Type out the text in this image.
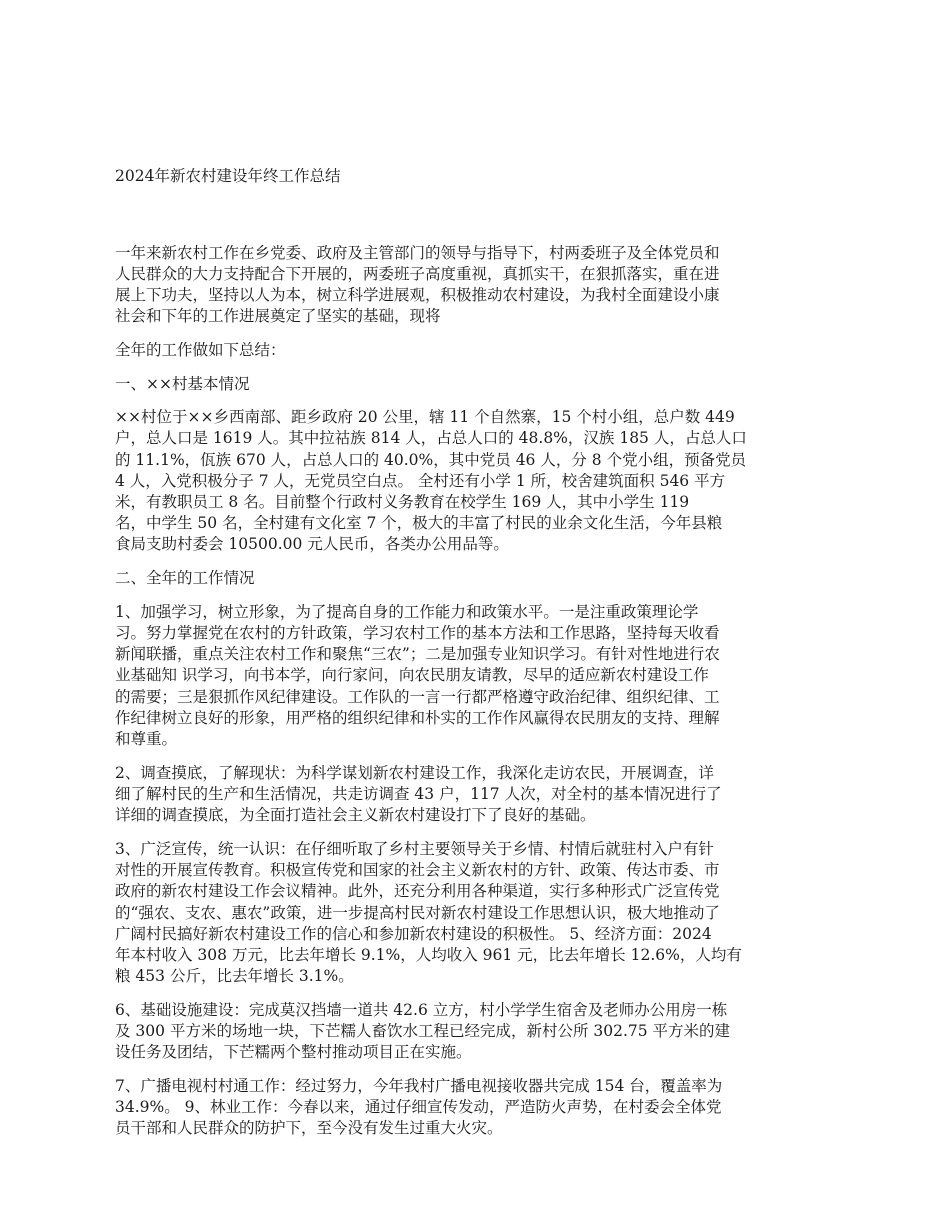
2024年新农村建设年终工作总结

一年来新农村工作在乡党委、政府及主管部门的领导与指导下，村两委班子及全体党员和
人民群众的大力支持配合下开展的，两委班子高度重视，真抓实干，在狠抓落实，重在进
展上下功夫，坚持以人为本，树立科学进展观，积极推动农村建设，为我村全面建设小康
社会和下年的工作进展奠定了坚实的基础，现将

全年的工作做如下总结：

一、××村基本情况

××村位于××乡西南部、距乡政府 20 公里，辖 11 个自然寨，15 个村小组，总户数 449
户，总人口是 1619 人。其中拉祜族 814 人，占总人口的 48.8%，汉族 185 人，占总人口
的 11.1%，佤族 670 人，占总人口的 40.0%，其中党员 46 人，分 8 个党小组，预备党员
4 人，入党积极分子 7 人，无党员空白点。 全村还有小学 1 所，校舍建筑面积 546 平方
米，有教职员工 8 名。目前整个行政村义务教育在校学生 169 人，其中小学生 119
名，中学生 50 名，全村建有文化室 7 个，极大的丰富了村民的业余文化生活，今年县粮
食局支助村委会 10500.00 元人民币，各类办公用品等。

二、全年的工作情况

1、加强学习，树立形象，为了提高自身的工作能力和政策水平。一是注重政策理论学
习。努力掌握党在农村的方针政策，学习农村工作的基本方法和工作思路，坚持每天收看
新闻联播，重点关注农村工作和聚焦“三农”；二是加强专业知识学习。有针对性地进行农
业基础知 识学习，向书本学，向行家问，向农民朋友请教，尽早的适应新农村建设工作
的需要；三是狠抓作风纪律建设。工作队的一言一行都严格遵守政治纪律、组织纪律、工
作纪律树立良好的形象，用严格的组织纪律和朴实的工作作风赢得农民朋友的支持、理解
和尊重。

2、调查摸底，了解现状：为科学谋划新农村建设工作，我深化走访农民，开展调查，详
细了解村民的生产和生活情况，共走访调查 43 户，117 人次，对全村的基本情况进行了
详细的调查摸底，为全面打造社会主义新农村建设打下了良好的基础。

3、广泛宣传，统一认识：在仔细听取了乡村主要领导关于乡情、村情后就驻村入户有针
对性的开展宣传教育。积极宣传党和国家的社会主义新农村的方针、政策、传达市委、市
政府的新农村建设工作会议精神。此外，还充分利用各种渠道，实行多种形式广泛宣传党
的“强农、支农、惠农”政策，进一步提高村民对新农村建设工作思想认识，极大地推动了
广阔村民搞好新农村建设工作的信心和参加新农村建设的积极性。 5、经济方面：2024
年本村收入 308 万元，比去年增长 9.1%，人均收入 961 元，比去年增长 12.6%，人均有
粮 453 公斤，比去年增长 3.1%。

6、基础设施建设：完成莫汉挡墙一道共 42.6 立方，村小学学生宿舍及老师办公用房一栋
及 300 平方米的场地一块，下芒糯人畜饮水工程已经完成，新村公所 302.75 平方米的建
设任务及团结，下芒糯两个整村推动项目正在实施。

7、广播电视村村通工作：经过努力，今年我村广播电视接收器共完成 154 台，覆盖率为
34.9%。 9、林业工作：今春以来，通过仔细宣传发动，严造防火声势，在村委会全体党
员干部和人民群众的防护下，至今没有发生过重大火灾。
